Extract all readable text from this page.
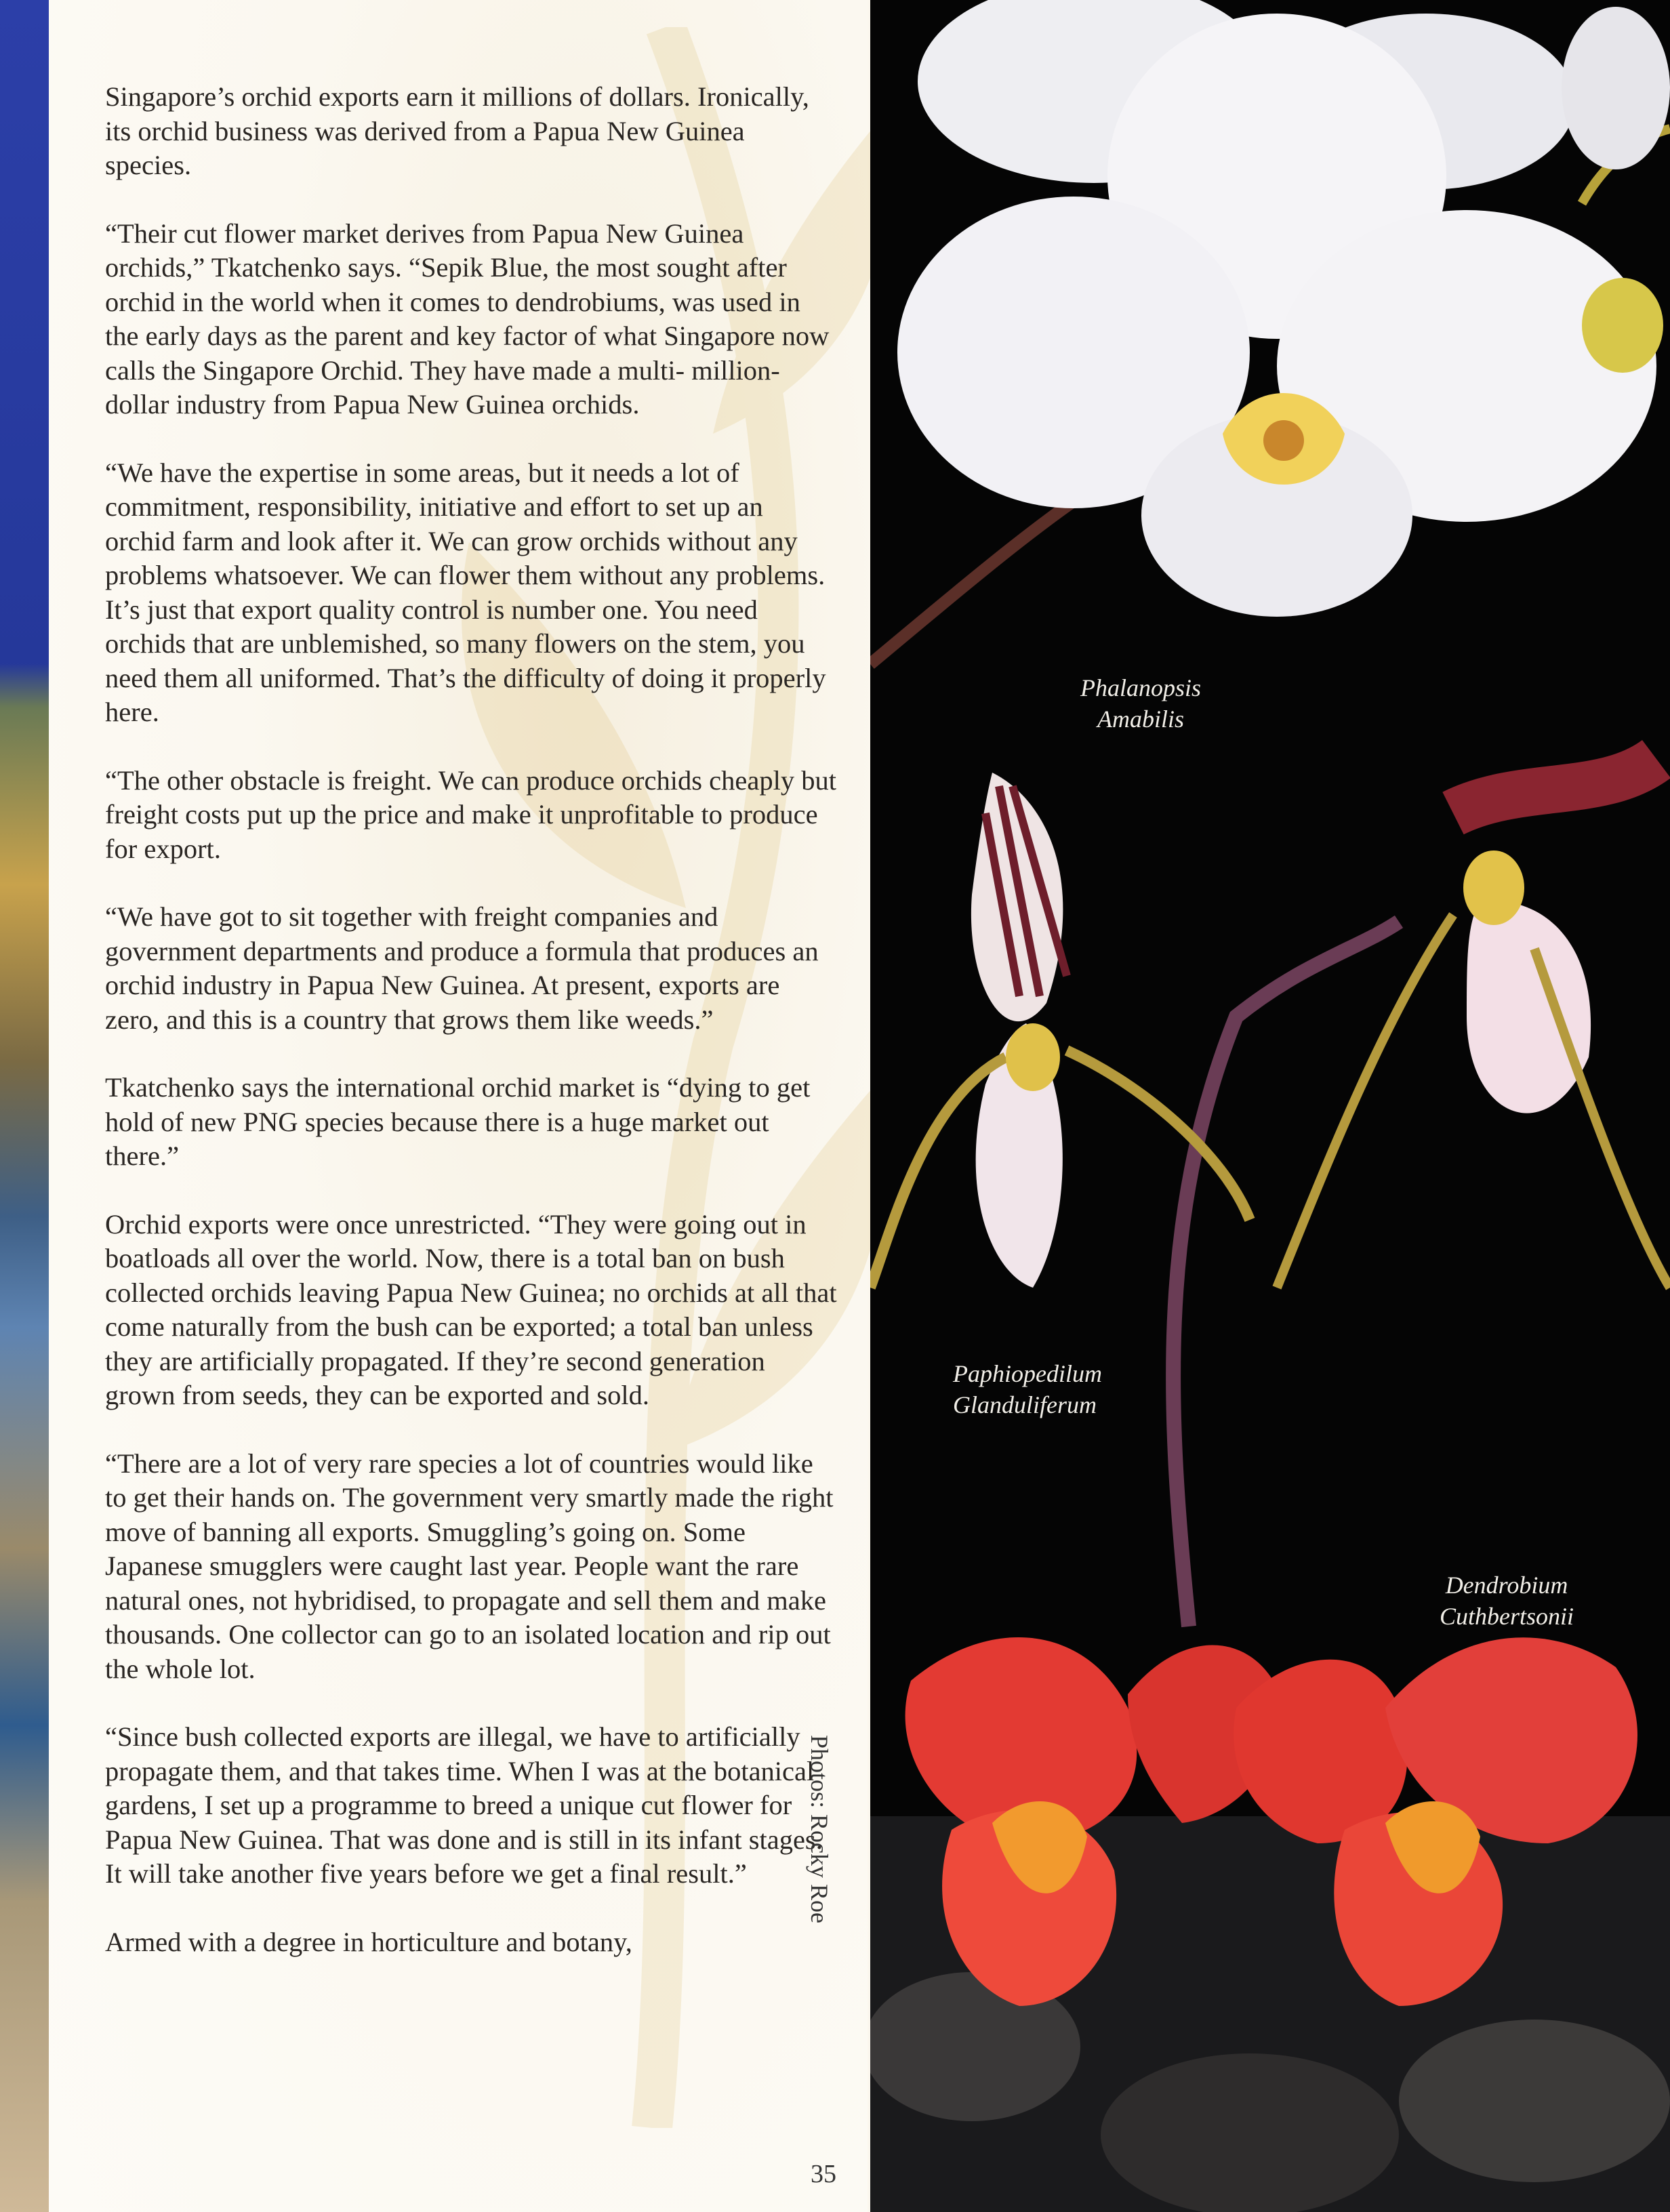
Singapore’s orchid exports earn it millions of dollars. Ironically, its orchid business was derived from a Papua New Guinea species.

“Their cut flower market derives from Papua New Guinea orchids,” Tkatchenko says. “Sepik Blue, the most sought after orchid in the world when it comes to dendrobiums, was used in the early days as the parent and key factor of what Singapore now calls the Singapore Orchid. They have made a multi- million-dollar industry from Papua New Guinea orchids.

“We have the expertise in some areas, but it needs a lot of commitment, responsibility, initiative and effort to set up an orchid farm and look after it. We can grow orchids without any problems whatsoever. We can flower them without any problems. It’s just that export quality control is number one. You need orchids that are unblemished, so many flowers on the stem, you need them all uniformed. That’s the difficulty of doing it properly here.

“The other obstacle is freight. We can produce orchids cheaply but freight costs put up the price and make it unprofitable to produce for export.

“We have got to sit together with freight companies and government departments and produce a formula that produces an orchid industry in Papua New Guinea. At present, exports are zero, and this is a country that grows them like weeds.”

Tkatchenko says the international orchid market is “dying to get hold of new PNG species because there is a huge market out there.”

Orchid exports were once unrestricted. “They were going out in boatloads all over the world. Now, there is a total ban on bush collected orchids leaving Papua New Guinea; no orchids at all that come naturally from the bush can be exported; a total ban unless they are artificially propagated. If they’re second generation grown from seeds, they can be exported and sold.

“There are a lot of very rare species a lot of countries would like to get their hands on. The government very smartly made the right move of banning all exports. Smuggling’s going on. Some Japanese smugglers were caught last year. People want the rare natural ones, not hybridised, to propagate and sell them and make thousands. One collector can go to an isolated location and rip out the whole lot.

“Since bush collected exports are illegal, we have to artificially propagate them, and that takes time. When I was at the botanical gardens, I set up a programme to breed a unique cut flower for Papua New Guinea. That was done and is still in its infant stages. It will take another five years before we get a final result.”

Armed with a degree in horticulture and botany,

Photos: Rocky Roe
35
Phalanopsis
Amabilis
Paphiopedilum
Glanduliferum
Dendrobium
Cuthbertsonii
